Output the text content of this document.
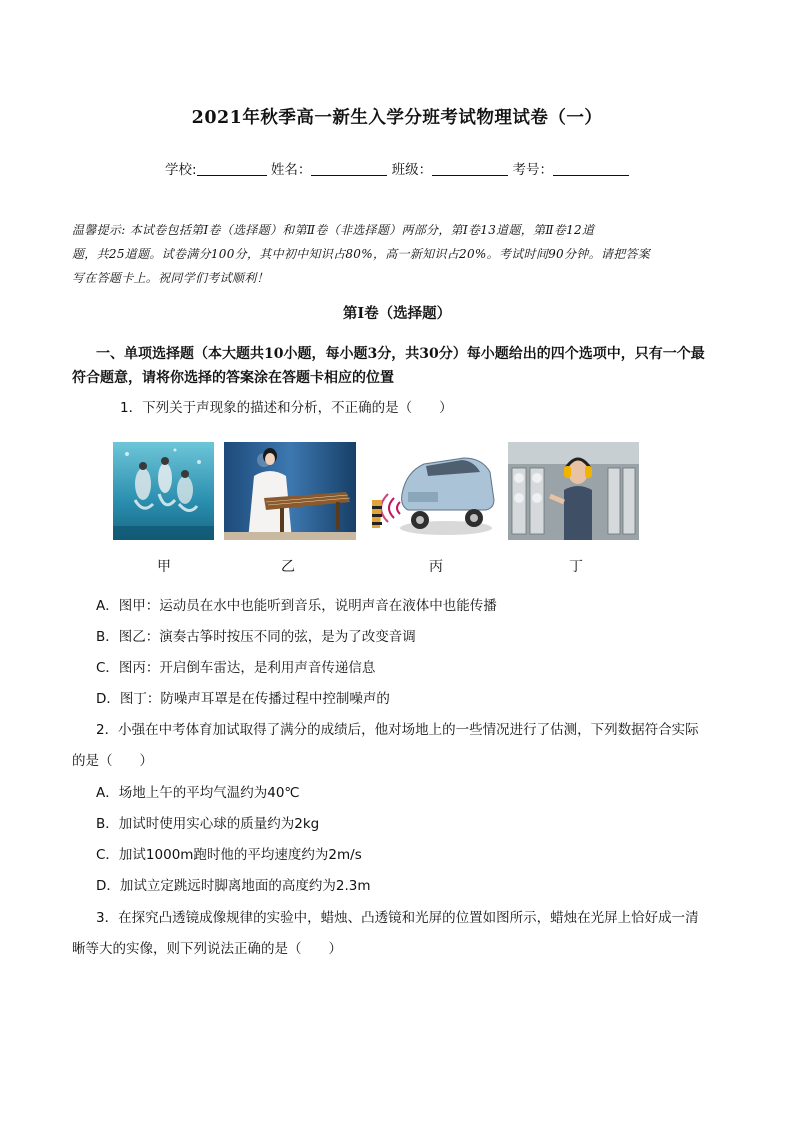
2021年秋季高一新生入学分班考试物理试卷（一）
学校:	姓名：	班级：	考号：
温馨提示: 本试卷包括第Ⅰ卷（选择题）和第Ⅱ卷（非选择题）两部分，第Ⅰ卷13道题，第Ⅱ卷12道
题，共25道题。试卷满分100分，其中初中知识占80%，高一新知识占20%。考试时间90分钟。请把答案
写在答题卡上。祝同学们考试顺利！
第Ⅰ卷（选择题）
一、单项选择题（本大题共10小题，每小题3分，共30分）每小题给出的四个选项中，只有一个最
符合题意，请将你选择的答案涂在答题卡相应的位置
1．下列关于声现象的描述和分析，不正确的是（　　）
甲	乙	丙	丁
A．图甲：运动员在水中也能听到音乐，说明声音在液体中也能传播
B．图乙：演奏古筝时按压不同的弦，是为了改变音调
C．图丙：开启倒车雷达，是利用声音传递信息
D．图丁：防噪声耳罩是在传播过程中控制噪声的
2．小强在中考体育加试取得了满分的成绩后，他对场地上的一些情况进行了估测，下列数据符合实际
的是（　　）
A．场地上午的平均气温约为40℃
B．加试时使用实心球的质量约为2kg
C．加试1000m跑时他的平均速度约为2m/s
D．加试立定跳远时脚离地面的高度约为2.3m
3．在探究凸透镜成像规律的实验中，蜡烛、凸透镜和光屏的位置如图所示，蜡烛在光屏上恰好成一清
晰等大的实像，则下列说法正确的是（　　）
